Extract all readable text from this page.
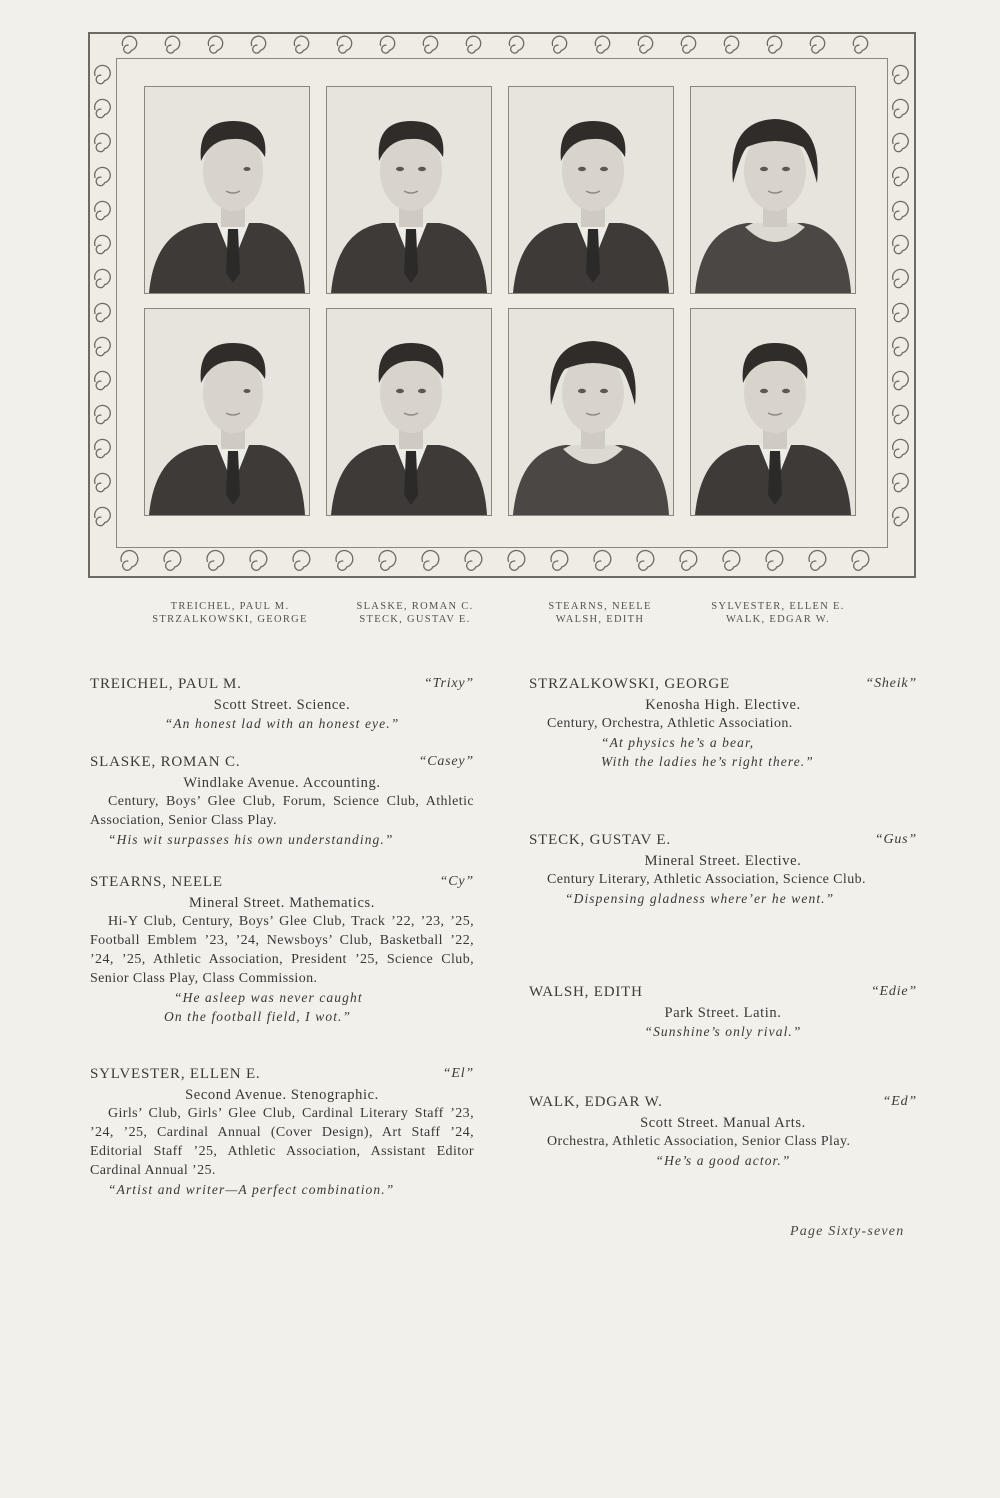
TREICHEL, PAUL M.
STRZALKOWSKI, GEORGE
SLASKE, ROMAN C.
STECK, GUSTAV E.
STEARNS, NEELE
WALSH, EDITH
SYLVESTER, ELLEN E.
WALK, EDGAR W.
TREICHEL, PAUL M.	“Trixy”
Scott Street. Science.
“An honest lad with an honest eye.”
SLASKE, ROMAN C.	“Casey”
Windlake Avenue. Accounting.

Century, Boys’ Glee Club, Forum, Science Club, Athletic Association, Senior Class Play.

“His wit surpasses his own understanding.”
STEARNS, NEELE	“Cy”
Mineral Street. Mathematics.

Hi-Y Club, Century, Boys’ Glee Club, Track ’22, ’23, ’25, Football Emblem ’23, ’24, Newsboys’ Club, Basketball ’22, ’24, ’25, Athletic Association, President ’25, Science Club, Senior Class Play, Class Commission.

“He asleep was never caught
On the football field, I wot.”
SYLVESTER, ELLEN E.	“El”
Second Avenue. Stenographic.

Girls’ Club, Girls’ Glee Club, Cardinal Literary Staff ’23, ’24, ’25, Cardinal Annual (Cover Design), Art Staff ’24, Editorial Staff ’25, Athletic Association, Assistant Editor Cardinal Annual ’25.

“Artist and writer—A perfect combination.”
STRZALKOWSKI, GEORGE	“Sheik”
Kenosha High. Elective.

Century, Orchestra, Athletic Association.

“At physics he’s a bear,
With the ladies he’s right there.”
STECK, GUSTAV E.	“Gus”
Mineral Street. Elective.

Century Literary, Athletic Association, Science Club.

“Dispensing gladness where’er he went.”
WALSH, EDITH	“Edie”
Park Street. Latin.
“Sunshine’s only rival.”
WALK, EDGAR W.	“Ed”
Scott Street. Manual Arts.

Orchestra, Athletic Association, Senior Class Play.

“He’s a good actor.”
Page Sixty-seven
